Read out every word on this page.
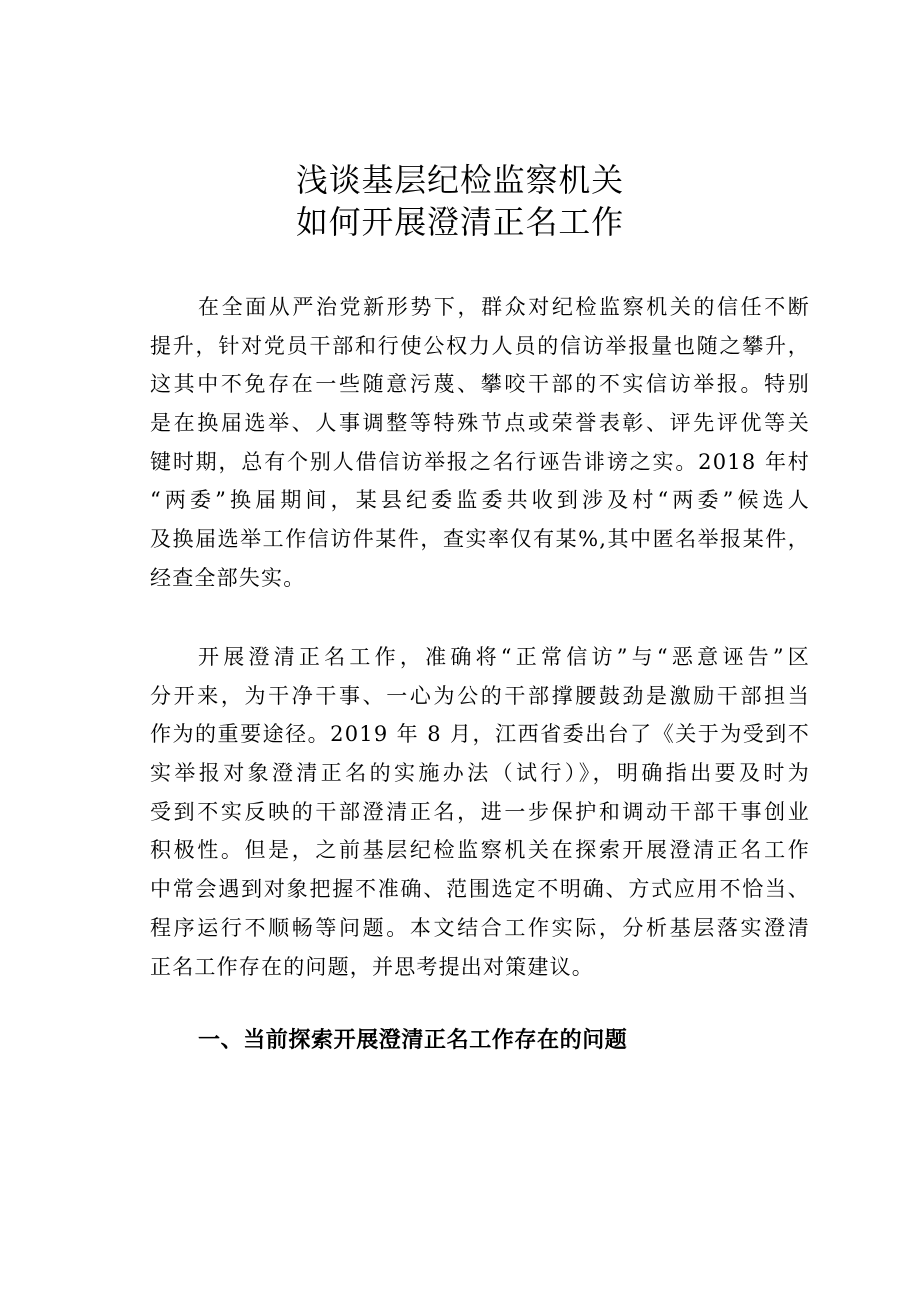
浅谈基层纪检监察机关
如何开展澄清正名工作
在全面从严治党新形势下，群众对纪检监察机关的信任不断
提升，针对党员干部和行使公权力人员的信访举报量也随之攀升，
这其中不免存在一些随意污蔑、攀咬干部的不实信访举报。特别
是在换届选举、人事调整等特殊节点或荣誉表彰、评先评优等关
键时期，总有个别人借信访举报之名行诬告诽谤之实。2018 年村
“两委”换届期间，某县纪委监委共收到涉及村“两委”候选人
及换届选举工作信访件某件，查实率仅有某%,其中匿名举报某件，
经查全部失实。
开展澄清正名工作，准确将“正常信访”与“恶意诬告”区
分开来，为干净干事、一心为公的干部撑腰鼓劲是激励干部担当
作为的重要途径。2019 年 8 月，江西省委出台了《关于为受到不
实举报对象澄清正名的实施办法（试行）》，明确指出要及时为
受到不实反映的干部澄清正名，进一步保护和调动干部干事创业
积极性。但是，之前基层纪检监察机关在探索开展澄清正名工作
中常会遇到对象把握不准确、范围选定不明确、方式应用不恰当、
程序运行不顺畅等问题。本文结合工作实际，分析基层落实澄清
正名工作存在的问题，并思考提出对策建议。
一、当前探索开展澄清正名工作存在的问题
